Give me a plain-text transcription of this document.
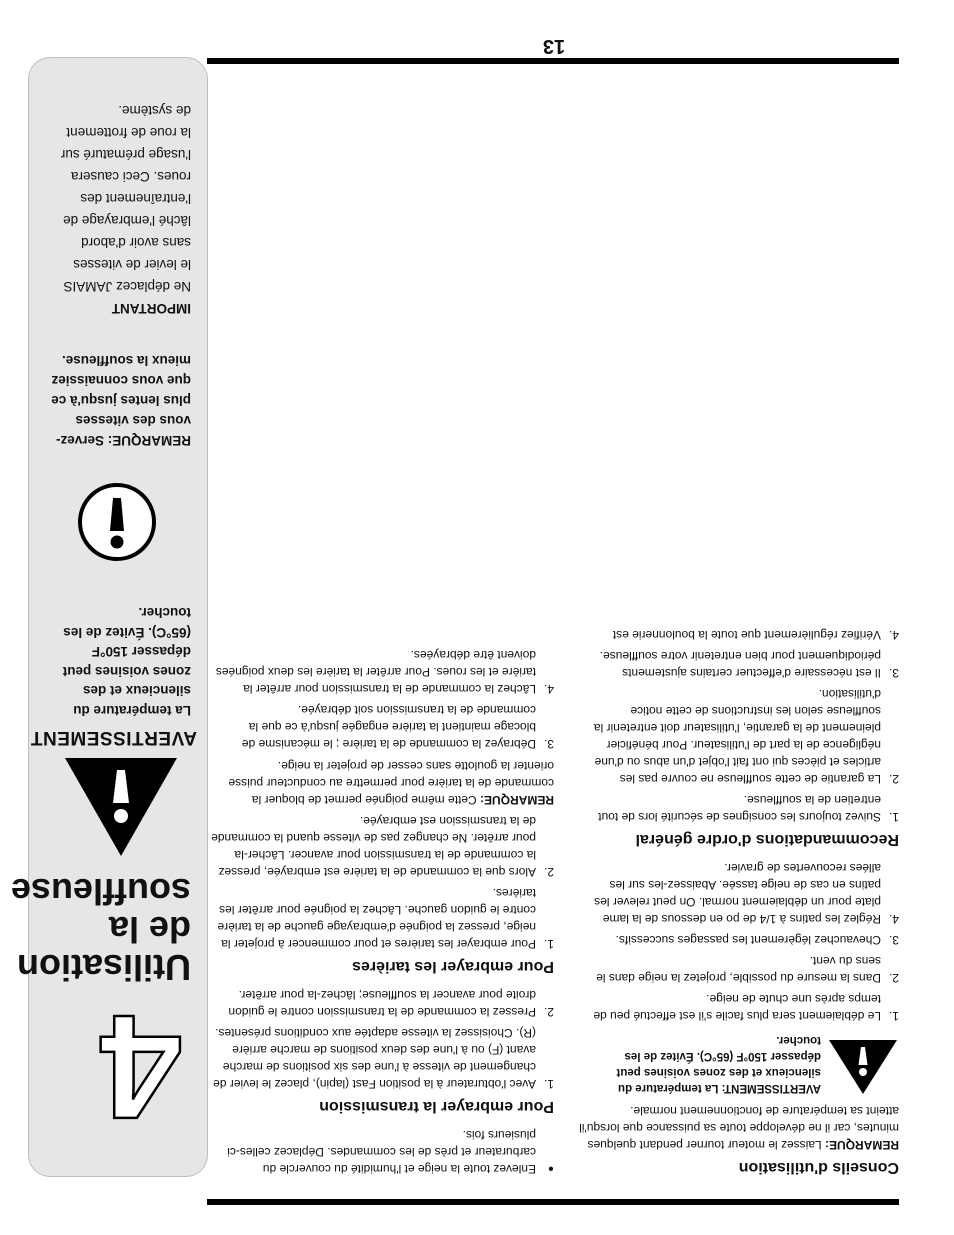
13
●
Enlevez toute la neige et l'humidité du couvercle du carburateur et près de les commandes. Déplacez celles-ci plusieurs fois.
Pour embrayer la transmission
1.
Avec l'obturateur à la position Fast (lapin), placez le levier de changement de vitesse à l'une des six positions de marche avant (F) ou à l'une des deux positions de marche arrière (R). Choisissez la vitesse adaptée aux conditions présentes.
2.
Pressez la commande de la transmission contre le guidon droite pour avancer la souffleuse; lâchez-la pour arrêter.
Pour embrayer les tarières
1.
Pour embrayer les tarières et pour commencer à projeter la neige, pressez la poignée d'embrayage gauche de la tarière contre le guidon gauche. Lâchez la poignée pour arrêter les tarières.
2.
Alors que la commande de la tarière est embrayée, pressez la commande de la transmission pour avancer. Lâcher-la pour arrêter. Ne changez pas de vitesse quand la commande de la transmission est embrayée.
REMARQUE: Cette même poignée permet de bloquer la commande de la tarière pour permettre au conducteur puisse orienter la goulotte sans cesser de projeter la neige.
3.
Débrayez la commande de la tarière ; le mécanisme de blocage maintient la tarière engagée jusqu'à ce que la commande de la transmission soit débrayée.
4.
Lâchez la commande de la transmission pour arrêter la tarière et les roues. Pour arrêter la tarière les deux poignées doivent être débrayées.
Conseils d'utilisation
REMARQUE: Laissez le moteur tourner pendant quelques minutes, car il ne développe toute sa puissance que lorsqu'il atteint sa température de fonctionnement normale.
AVERTISSEMENT: La température du silencieux et des zones voisines peut dépasser 150°F (65°C). Évitez de les toucher.
1.
Le déblaiement sera plus facile s'il est effectué peu de temps après une chute de neige.
2.
Dans la mesure du possible, projetez la neige dans le sens du vent.
3.
Chevauchez légèrement les passages successifs.
4.
Réglez les patins à 1/4 de po en dessous de la lame plate pour un déblaiement normal. On peut relever les patins en cas de neige tassée. Abaissez-les sur les allées recouvertes de gravier.
Recommandations d'ordre général
1.
Suivez toujours les consignes de sécurité lors de tout entretien de la souffleuse.
2.
La garantie de cette souffleuse ne couvre pas les articles et pièces qui ont fait l'objet d'un abus ou d'une négligence de la part de l'utilisateur. Pour bénéficier pleinement de la garantie, l'utilisateur doit entretenir la souffleuse selon les instructions de cette notice d'utilisation.
3.
Il est nécessaire d'effectuer certains ajustements périodiquement pour bien entretenir votre souffleuse.
4.
Vérifiez régulièrement que toute la boulonnerie est
4
Utilisation de la souffleuse
AVERTISSEMENT
La température du
silencieux et des
zones voisines peut
dépasser 150°F
(65°C). Évitez de les
toucher.
REMARQUE: Servez-
vous des vitesses
plus lentes jusqu'à ce
que vous connaissiez
mieux la souffleuse.
IMPORTANT
Ne déplacez JAMAIS
le levier de vitesses
sans avoir d'abord
lâché l'embrayage de
l'entraînement des
roues. Ceci causera
l'usage prématuré sur
la roue de frottement
de système.
